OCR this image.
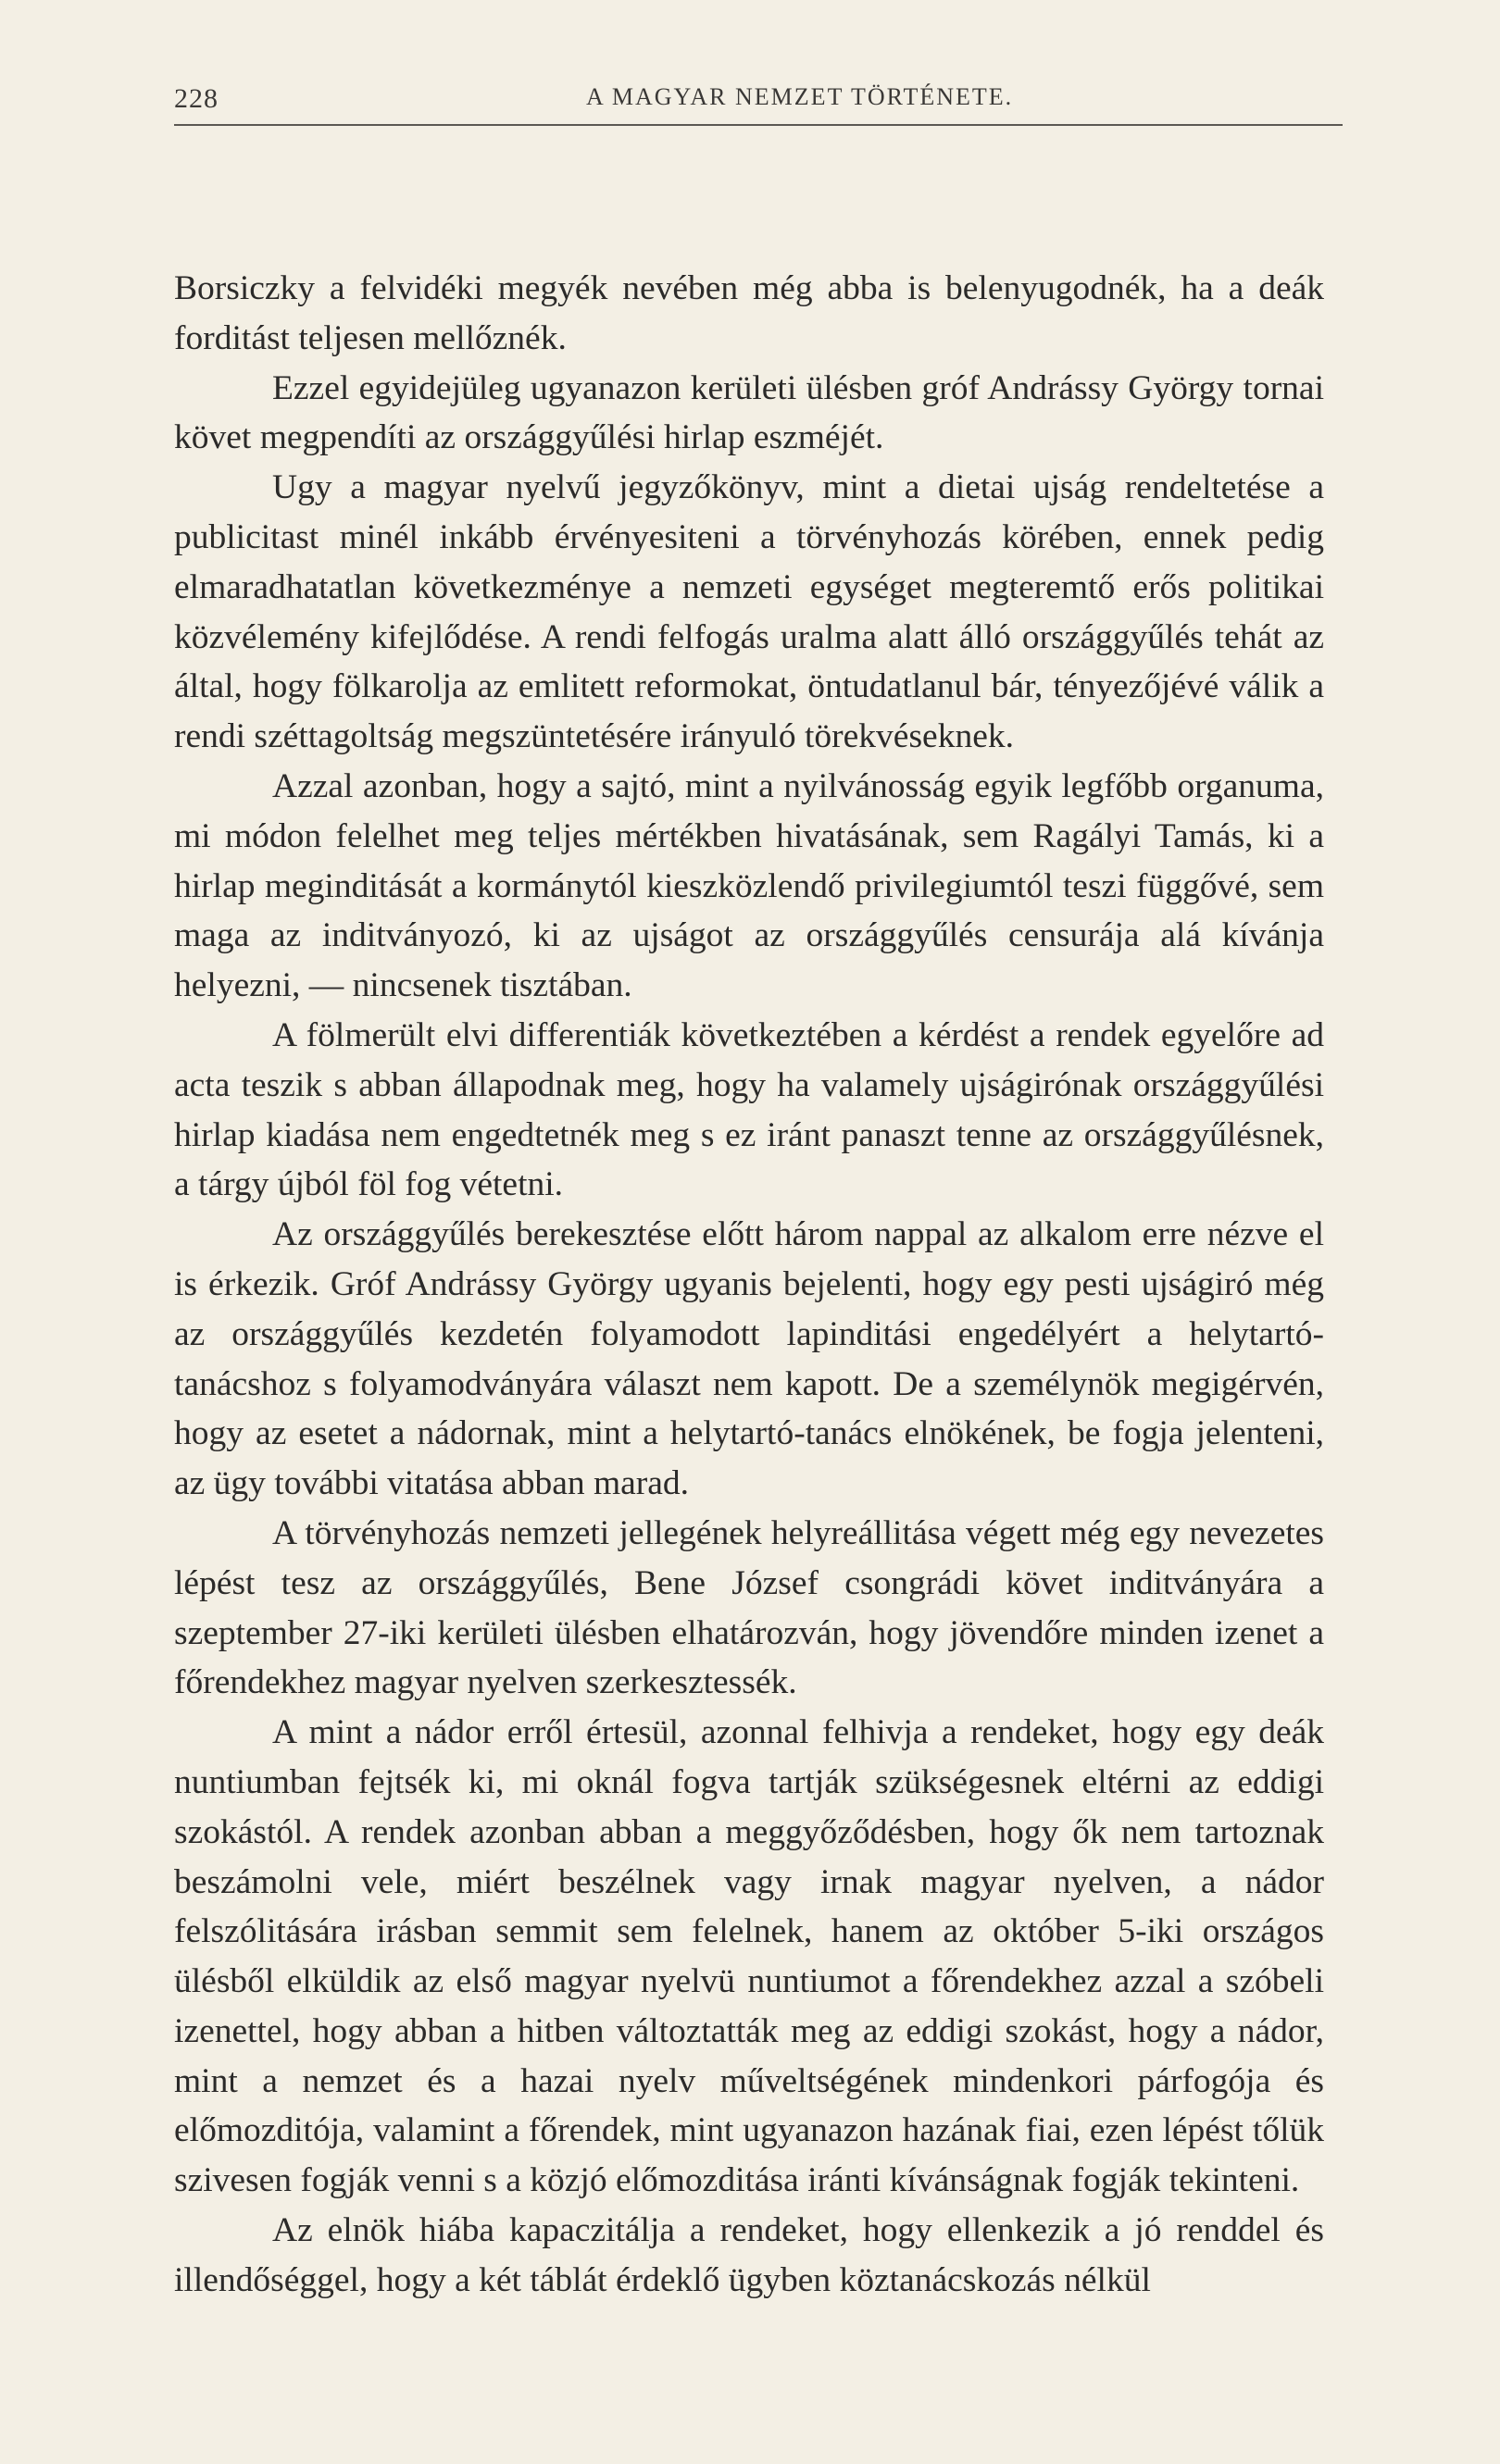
228	A MAGYAR NEMZET TÖRTÉNETE.

Borsiczky a felvidéki megyék nevében még abba is belenyugodnék, ha a deák forditást teljesen mellőznék.

Ezzel egyidejüleg ugyanazon kerületi ülésben gróf Andrássy György tornai követ megpendíti az országgyűlési hirlap eszméjét.

Ugy a magyar nyelvű jegyzőkönyv, mint a dietai ujság rendeltetése a publicitast minél inkább érvényesiteni a törvényhozás körében, ennek pedig elmaradhatatlan következménye a nemzeti egységet megteremtő erős politikai közvélemény kifejlődése. A rendi felfogás uralma alatt álló országgyűlés tehát az által, hogy fölkarolja az emlitett reformokat, öntudatlanul bár, tényezőjévé válik a rendi széttagoltság megszüntetésére irányuló törekvéseknek.

Azzal azonban, hogy a sajtó, mint a nyilvánosság egyik legfőbb organuma, mi módon felelhet meg teljes mértékben hivatásának, sem Ragályi Tamás, ki a hirlap meginditását a kormánytól kieszközlendő privilegiumtól teszi függővé, sem maga az inditványozó, ki az ujságot az országgyűlés censurája alá kívánja helyezni, — nincsenek tisztában.

A fölmerült elvi differentiák következtében a kérdést a rendek egyelőre ad acta teszik s abban állapodnak meg, hogy ha valamely ujságirónak országgyűlési hirlap kiadása nem engedtetnék meg s ez iránt panaszt tenne az országgyűlésnek, a tárgy újból föl fog vétetni.

Az országgyűlés berekesztése előtt három nappal az alkalom erre nézve el is érkezik. Gróf Andrássy György ugyanis bejelenti, hogy egy pesti ujságiró még az országgyűlés kezdetén folyamodott lapinditási engedélyért a helytartó-tanácshoz s folyamodványára választ nem kapott. De a személynök megigérvén, hogy az esetet a nádornak, mint a helytartó-tanács elnökének, be fogja jelenteni, az ügy további vitatása abban marad.

A törvényhozás nemzeti jellegének helyreállitása végett még egy nevezetes lépést tesz az országgyűlés, Bene József csongrádi követ inditványára a szeptember 27-iki kerületi ülésben elhatározván, hogy jövendőre minden izenet a főrendekhez magyar nyelven szerkesztessék.

A mint a nádor erről értesül, azonnal felhivja a rendeket, hogy egy deák nuntiumban fejtsék ki, mi oknál fogva tartják szükségesnek eltérni az eddigi szokástól. A rendek azonban abban a meggyőződésben, hogy ők nem tartoznak beszámolni vele, miért beszélnek vagy irnak magyar nyelven, a nádor felszólitására irásban semmit sem felelnek, hanem az október 5-iki országos ülésből elküldik az első magyar nyelvü nuntiumot a főrendekhez azzal a szóbeli izenettel, hogy abban a hitben változtatták meg az eddigi szokást, hogy a nádor, mint a nemzet és a hazai nyelv műveltségének mindenkori párfogója és előmozditója, valamint a főrendek, mint ugyanazon hazának fiai, ezen lépést tőlük szivesen fogják venni s a közjó előmozditása iránti kívánságnak fogják tekinteni.

Az elnök hiába kapaczitálja a rendeket, hogy ellenkezik a jó renddel és illendőséggel, hogy a két táblát érdeklő ügyben köztanácskozás nélkül
